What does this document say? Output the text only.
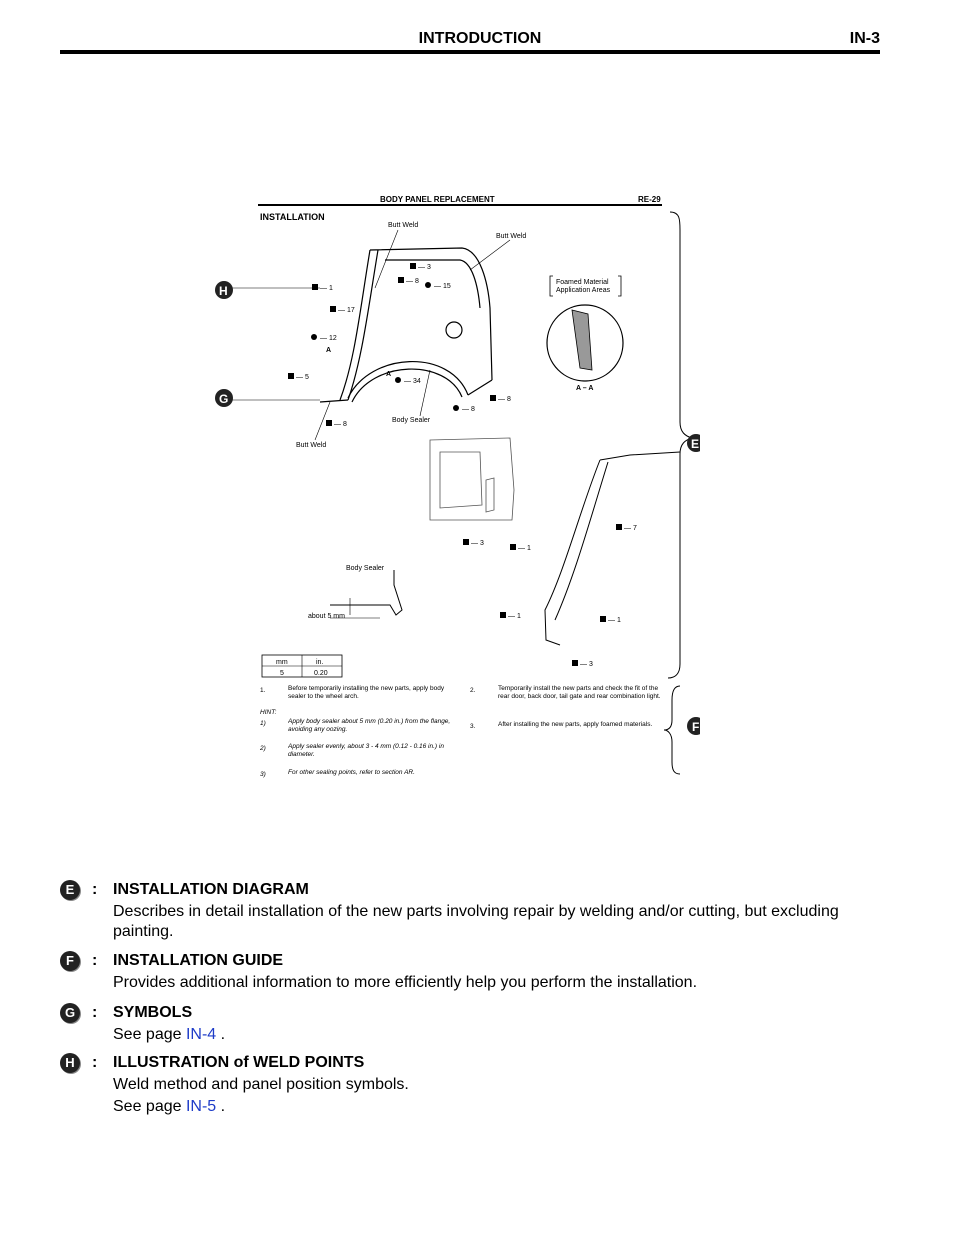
INTRODUCTION	IN-3
BODY PANEL REPLACEMENT	RE-29
INSTALLATION
Butt Weld
Butt Weld
Butt Weld
Body Sealer
Body Sealer
about 5 mm
— 1
— 17
— 12
— 5
— 8
— 3
— 8
— 15
— 34
— 8
— 8
— 3
— 1
— 7
— 1
— 1
— 3
A
A
Foamed Material
Application Areas
A – A
mm	in.
5	0.20
1.	Before temporarily installing the new parts, apply body sealer to the wheel arch.
HINT:
1)	Apply body sealer about 5 mm (0.20 in.) from the flange, avoiding any oozing.
2)	Apply sealer evenly, about 3 - 4 mm (0.12 - 0.16 in.) in diameter.
3)	For other sealing points, refer to section AR.
2.	Temporarily install the new parts and check the fit of the rear door, back door, tail gate and rear combination light.
3.	After installing the new parts, apply foamed materials.
H
G
E
F
E	: INSTALLATION DIAGRAM
Describes in detail installation of the new parts involving repair by welding and/or cutting, but excluding painting.
F	: INSTALLATION GUIDE
Provides additional information to more efficiently help you perform the installation.
G	: SYMBOLS
See page IN-4 .
H	: ILLUSTRATION of WELD POINTS
Weld method and panel position symbols.
See page IN-5 .
